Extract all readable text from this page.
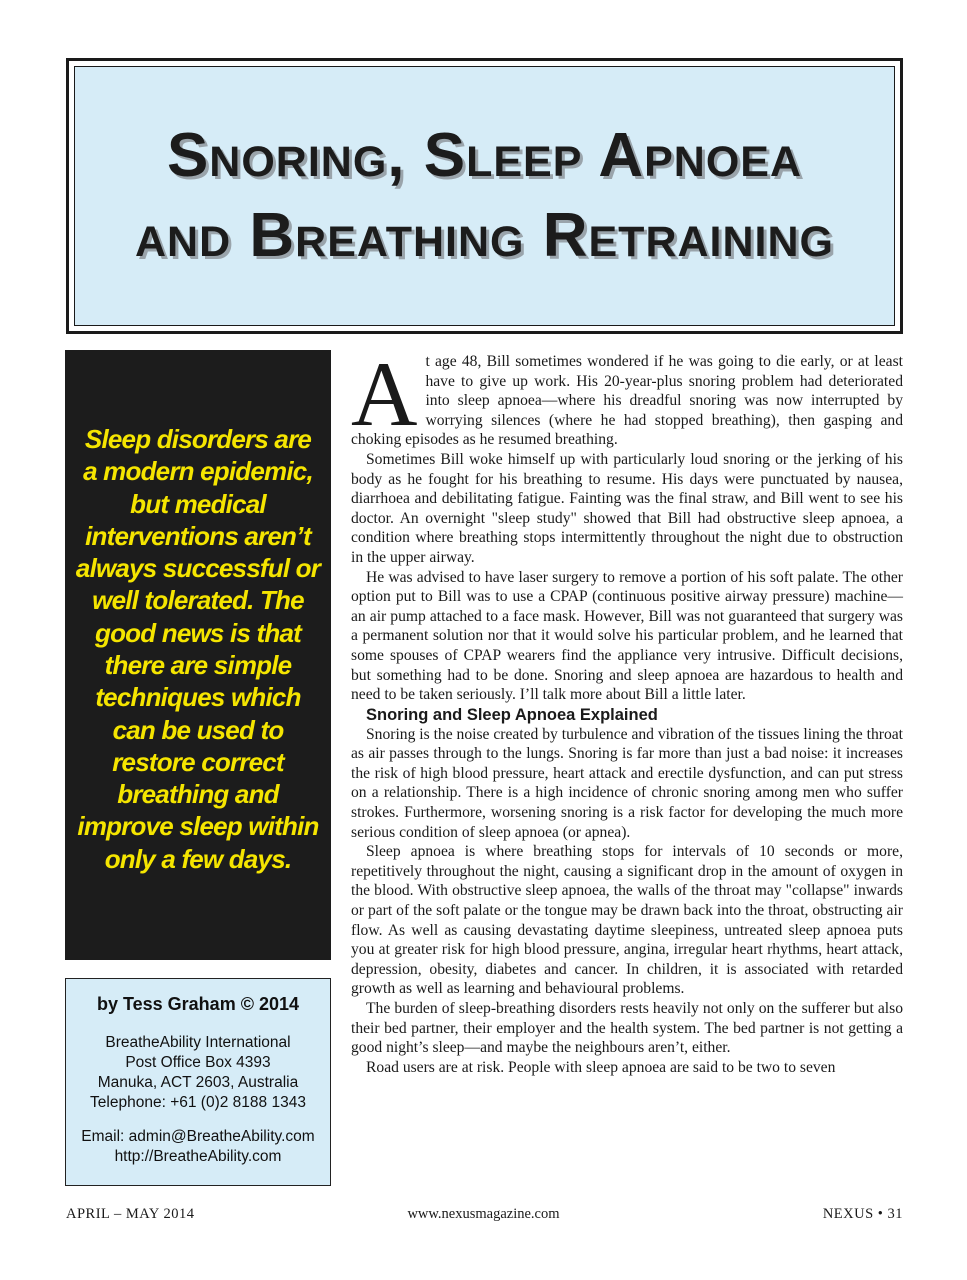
Snoring, Sleep Apnoea
and Breathing Retraining
Sleep disorders are a modern epidemic, but medical interventions aren’t always successful or well tolerated. The good news is that there are simple techniques which can be used to restore correct breathing and improve sleep within only a few days.
by Tess Graham © 2014
BreatheAbility International
Post Office Box 4393
Manuka, ACT 2603, Australia
Telephone: +61 (0)2 8188 1343
Email: admin@BreatheAbility.com
http://BreatheAbility.com

At age 48, Bill sometimes wondered if he was going to die early, or at least have to give up work. His 20-year-plus snoring problem had deteriorated into sleep apnoea—where his dreadful snoring was now interrupted by worrying silences (where he had stopped breathing), then gasping and choking episodes as he resumed breathing.

Sometimes Bill woke himself up with particularly loud snoring or the jerking of his body as he fought for his breathing to resume. His days were punctuated by nausea, diarrhoea and debilitating fatigue. Fainting was the final straw, and Bill went to see his doctor. An overnight "sleep study" showed that Bill had obstructive sleep apnoea, a condition where breathing stops intermittently throughout the night due to obstruction in the upper airway.

He was advised to have laser surgery to remove a portion of his soft palate. The other option put to Bill was to use a CPAP (continuous positive airway pressure) machine—an air pump attached to a face mask. However, Bill was not guaranteed that surgery was a permanent solution nor that it would solve his particular problem, and he learned that some spouses of CPAP wearers find the appliance very intrusive. Difficult decisions, but something had to be done. Snoring and sleep apnoea are hazardous to health and need to be taken seriously. I’ll talk more about Bill a little later.

Snoring and Sleep Apnoea Explained

Snoring is the noise created by turbulence and vibration of the tissues lining the throat as air passes through to the lungs. Snoring is far more than just a bad noise: it increases the risk of high blood pressure, heart attack and erectile dysfunction, and can put stress on a relationship. There is a high incidence of chronic snoring among men who suffer strokes. Furthermore, worsening snoring is a risk factor for developing the much more serious condition of sleep apnoea (or apnea).

Sleep apnoea is where breathing stops for intervals of 10 seconds or more, repetitively throughout the night, causing a significant drop in the amount of oxygen in the blood. With obstructive sleep apnoea, the walls of the throat may "collapse" inwards or part of the soft palate or the tongue may be drawn back into the throat, obstructing air flow. As well as causing devastating daytime sleepiness, untreated sleep apnoea puts you at greater risk for high blood pressure, angina, irregular heart rhythms, heart attack, depression, obesity, diabetes and cancer. In children, it is associated with retarded growth as well as learning and behavioural problems.

The burden of sleep-breathing disorders rests heavily not only on the sufferer but also their bed partner, their employer and the health system. The bed partner is not getting a good night’s sleep—and maybe the neighbours aren’t, either.

Road users are at risk. People with sleep apnoea are said to be two to seven

APRIL – MAY 2014	www.nexusmagazine.com	NEXUS • 31
